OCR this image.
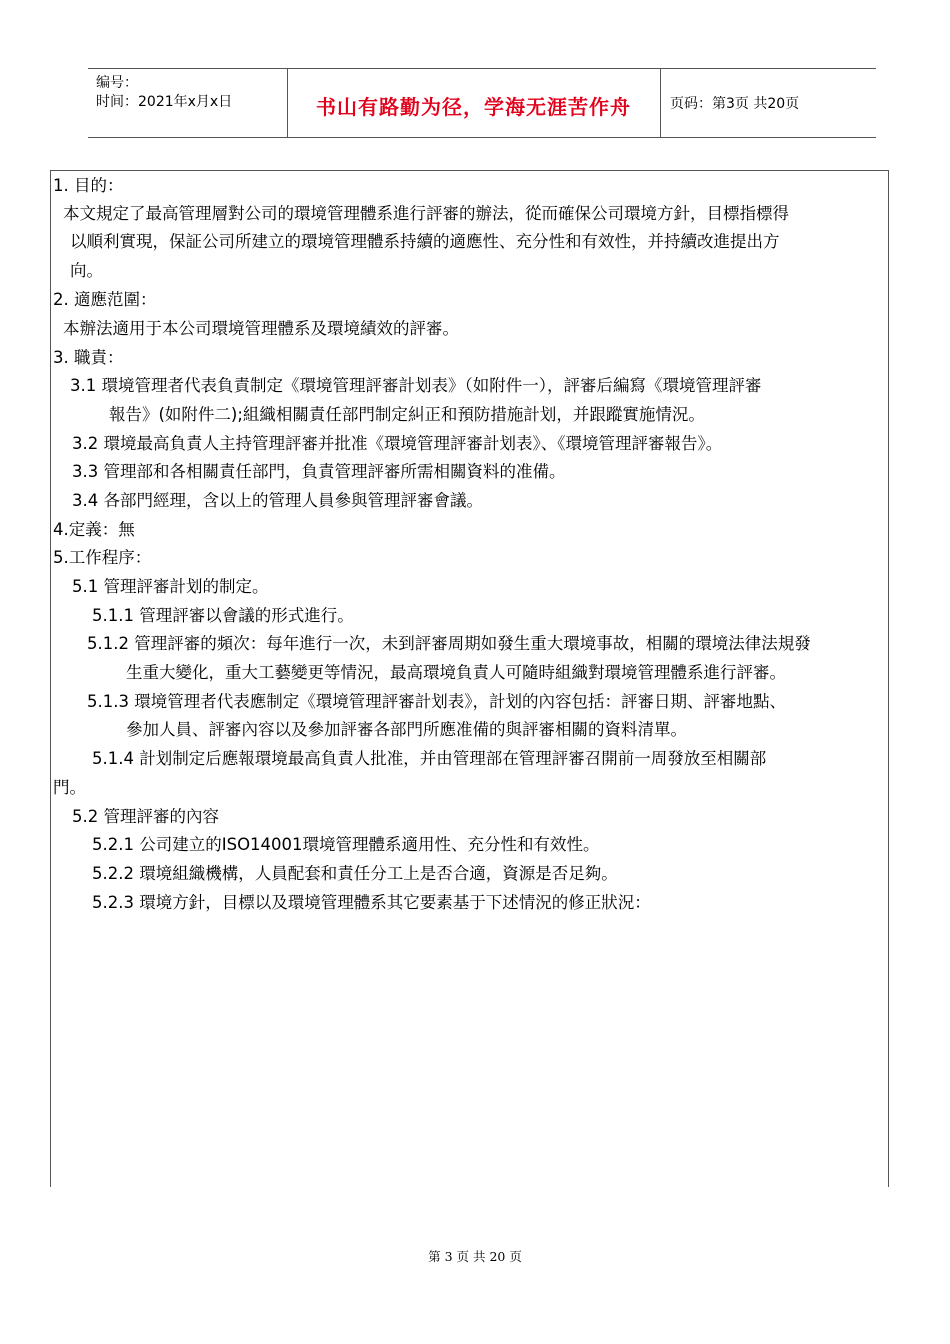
编号：
时间：2021年x月x日	书山有路勤为径，学海无涯苦作舟	页码：第3页 共20页
1. 目的：
本文規定了最高管理層對公司的環境管理體系進行評審的辦法，從而確保公司環境方針，目標指標得
以順利實現，保証公司所建立的環境管理體系持續的適應性、充分性和有效性，并持續改進提出方
向。
2. 適應范圍：
本辦法適用于本公司環境管理體系及環境績效的評審。
3. 職責：
3.1 環境管理者代表負責制定《環境管理評審計划表》（如附件一），評審后編寫《環境管理評審
報告》(如附件二);組織相關責任部門制定糾正和預防措施計划，并跟蹤實施情況。
3.2 環境最高負責人主持管理評審并批准《環境管理評審計划表》、《環境管理評審報告》。
3.3 管理部和各相關責任部門，負責管理評審所需相關資料的准備。
3.4 各部門經理，含以上的管理人員參與管理評審會議。
4.定義：無
5.工作程序：
5.1 管理評審計划的制定。
5.1.1 管理評審以會議的形式進行。
5.1.2 管理評審的頻次：每年進行一次，未到評審周期如發生重大環境事故，相關的環境法律法規發
生重大變化，重大工藝變更等情況，最高環境負責人可隨時組織對環境管理體系進行評審。
5.1.3 環境管理者代表應制定《環境管理評審計划表》，計划的內容包括：評審日期、評審地點、
參加人員、評審內容以及參加評審各部門所應准備的與評審相關的資料清單。
5.1.4 計划制定后應報環境最高負責人批准，并由管理部在管理評審召開前一周發放至相關部
門。
5.2 管理評審的內容
5.2.1 公司建立的ISO14001環境管理體系適用性、充分性和有效性。
5.2.2 環境組織機構，人員配套和責任分工上是否合適，資源是否足夠。
5.2.3 環境方針，目標以及環境管理體系其它要素基于下述情況的修正狀況：
第 3 页 共 20 页
